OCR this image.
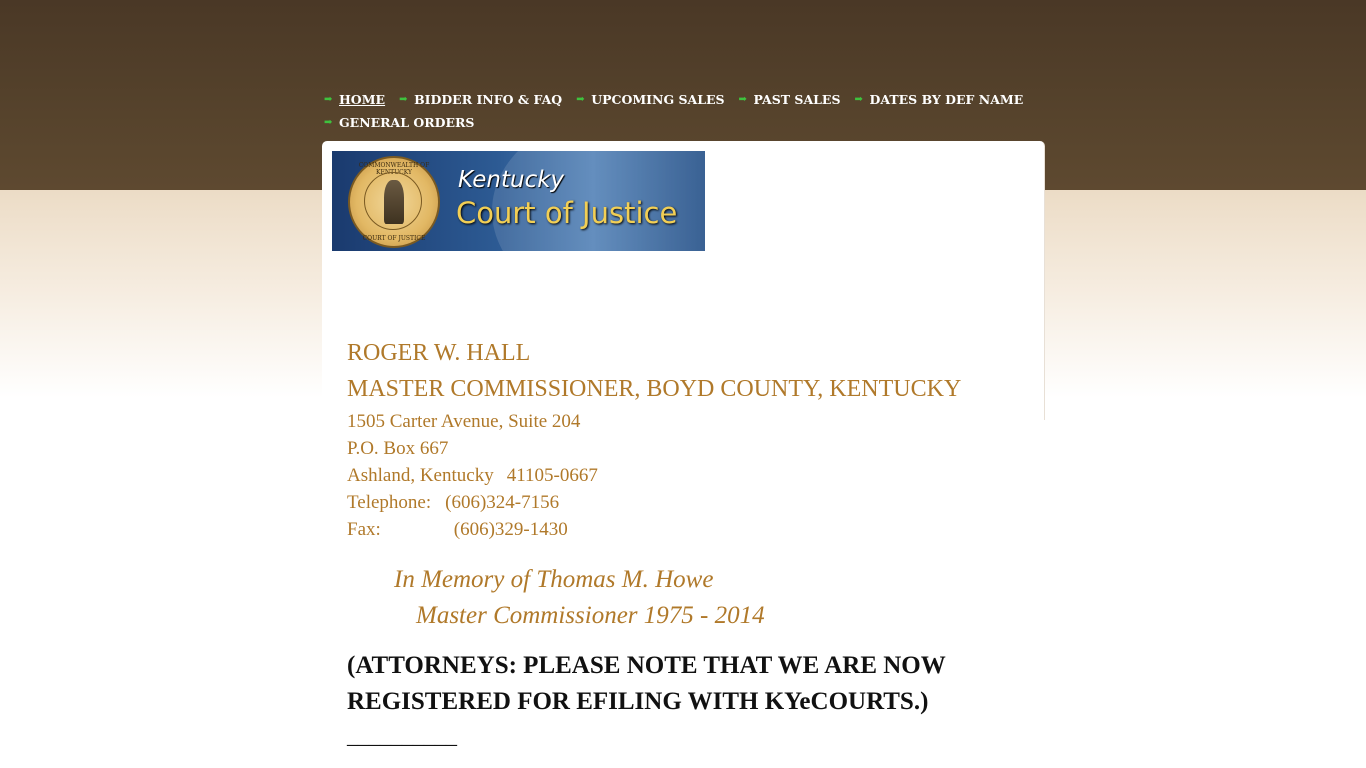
➡ HOME ➡ BIDDER INFO & FAQ ➡ UPCOMING SALES ➡ PAST SALES ➡ DATES BY DEF NAME
➡ GENERAL ORDERS
COMMONWEALTH OF KENTUCKY
COURT OF JUSTICE
Kentucky
Court of Justice
ROGER W. HALL
MASTER COMMISSIONER, BOYD COUNTY, KENTUCKY
1505 Carter Avenue, Suite 204
P.O. Box 667
Ashland, Kentucky 41105-0667
Telephone: (606)324-7156
Fax:	(606)329-1430
In Memory of Thomas M. Howe
Master Commissioner 1975 - 2014
(ATTORNEYS: PLEASE NOTE THAT WE ARE NOW
REGISTERED FOR EFILING WITH KYeCOURTS.)
__________
